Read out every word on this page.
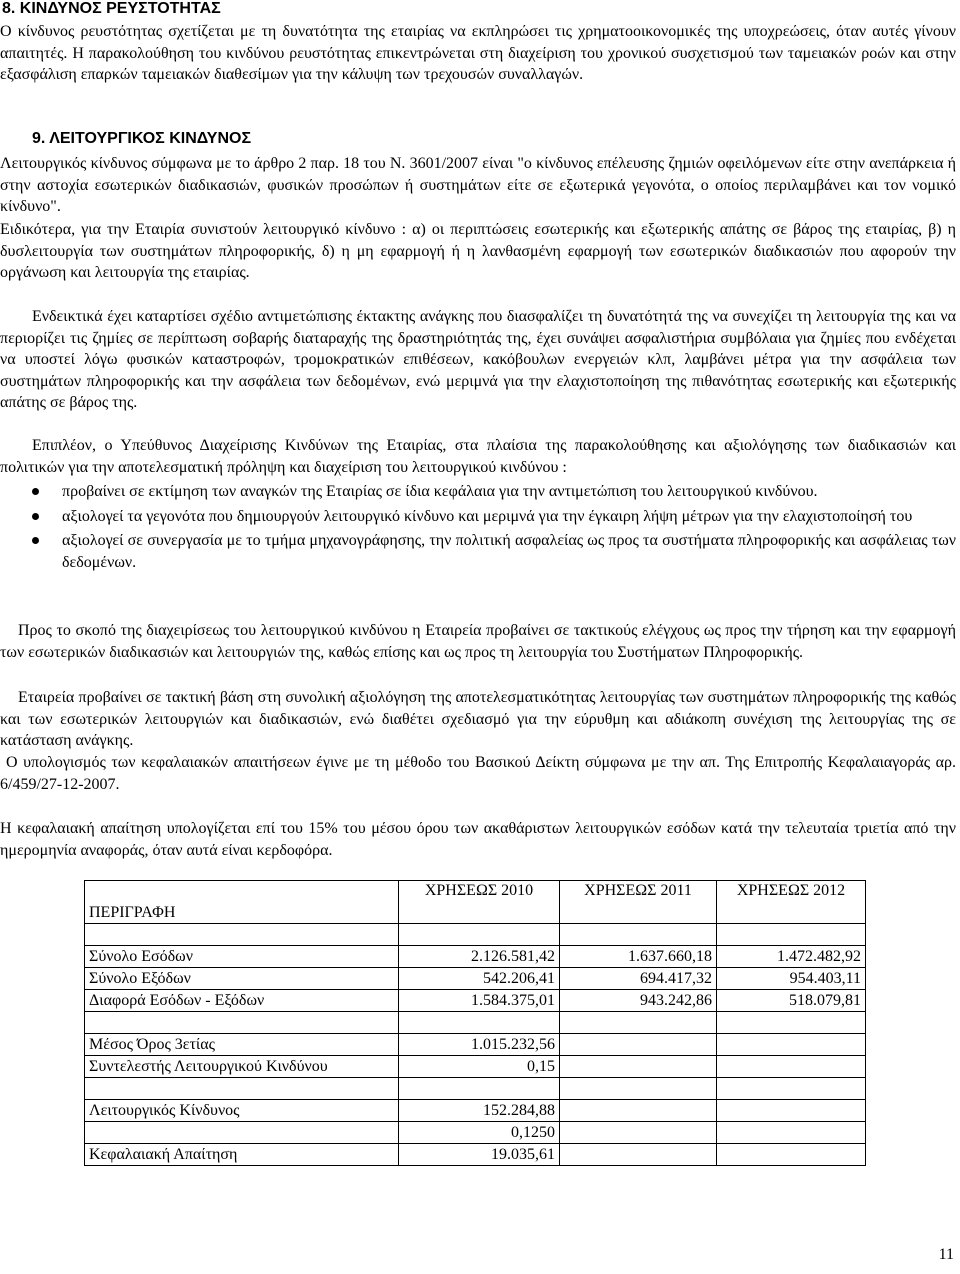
8. ΚΙΝΔΥΝΟΣ ΡΕΥΣΤΟΤΗΤΑΣ
Ο κίνδυνος ρευστότητας σχετίζεται με τη δυνατότητα της εταιρίας να εκπληρώσει τις χρηματοοικονομικές της υποχρεώσεις, όταν αυτές γίνουν απαιτητές. Η παρακολούθηση του κινδύνου ρευστότητας επικεντρώνεται στη διαχείριση του χρονικού συσχετισμού των ταμειακών ροών και στην εξασφάλιση επαρκών ταμειακών διαθεσίμων για την κάλυψη των τρεχουσών συναλλαγών.
9. ΛΕΙΤΟΥΡΓΙΚΟΣ ΚΙΝΔΥΝΟΣ
Λειτουργικός κίνδυνος σύμφωνα με το άρθρο 2 παρ. 18 του Ν. 3601/2007 είναι "ο κίνδυνος επέλευσης ζημιών οφειλόμενων είτε στην ανεπάρκεια ή στην αστοχία εσωτερικών διαδικασιών, φυσικών προσώπων ή συστημάτων είτε σε εξωτερικά γεγονότα, ο οποίος περιλαμβάνει και τον νομικό κίνδυνο".
Ειδικότερα, για την Εταιρία συνιστούν λειτουργικό κίνδυνο : α) οι περιπτώσεις εσωτερικής και εξωτερικής απάτης σε βάρος της εταιρίας, β) η δυσλειτουργία των συστημάτων πληροφορικής, δ) η μη εφαρμογή ή η λανθασμένη εφαρμογή των εσωτερικών διαδικασιών που αφορούν την οργάνωση και λειτουργία της εταιρίας.
Ενδεικτικά έχει καταρτίσει σχέδιο αντιμετώπισης έκτακτης ανάγκης που διασφαλίζει τη δυνατότητά της να συνεχίζει τη λειτουργία της και να περιορίζει τις ζημίες σε περίπτωση σοβαρής διαταραχής της δραστηριότητάς της, έχει συνάψει ασφαλιστήρια συμβόλαια για ζημίες που ενδέχεται να υποστεί λόγω φυσικών καταστροφών, τρομοκρατικών επιθέσεων, κακόβουλων ενεργειών κλπ, λαμβάνει μέτρα για την ασφάλεια των συστημάτων πληροφορικής και την ασφάλεια των δεδομένων, ενώ μεριμνά για την ελαχιστοποίηση της πιθανότητας εσωτερικής και εξωτερικής απάτης σε βάρος της.
Επιπλέον, ο Υπεύθυνος Διαχείρισης Κινδύνων της Εταιρίας, στα πλαίσια της παρακολούθησης και αξιολόγησης των διαδικασιών και πολιτικών για την αποτελεσματική πρόληψη και διαχείριση του λειτουργικού κινδύνου :
προβαίνει σε εκτίμηση των αναγκών της Εταιρίας σε ίδια κεφάλαια για την αντιμετώπιση του λειτουργικού κινδύνου.
αξιολογεί τα γεγονότα που δημιουργούν λειτουργικό κίνδυνο και μεριμνά για την έγκαιρη λήψη μέτρων για την ελαχιστοποίησή του
αξιολογεί σε συνεργασία με το τμήμα μηχανογράφησης, την πολιτική ασφαλείας ως προς τα συστήματα πληροφορικής και ασφάλειας των δεδομένων.
Προς το σκοπό της διαχειρίσεως του λειτουργικού κινδύνου η Εταιρεία προβαίνει σε τακτικούς ελέγχους ως προς την τήρηση και την εφαρμογή των εσωτερικών διαδικασιών και λειτουργιών της, καθώς επίσης και ως προς τη λειτουργία του Συστήματων Πληροφορικής.
Εταιρεία προβαίνει σε τακτική βάση στη συνολική αξιολόγηση της αποτελεσματικότητας λειτουργίας των συστημάτων πληροφορικής της καθώς και των εσωτερικών λειτουργιών και διαδικασιών, ενώ διαθέτει σχεδιασμό για την εύρυθμη και αδιάκοπη συνέχιση της λειτουργίας της σε κατάσταση ανάγκης.
Ο υπολογισμός των κεφαλαιακών απαιτήσεων έγινε με τη μέθοδο του Βασικού Δείκτη σύμφωνα με την απ. Της Επιτροπής Κεφαλαιαγοράς αρ. 6/459/27-12-2007.
Η κεφαλαιακή απαίτηση υπολογίζεται επί του 15% του μέσου όρου των ακαθάριστων λειτουργικών εσόδων κατά την τελευταία τριετία από την ημερομηνία αναφοράς, όταν αυτά είναι κερδοφόρα.
ΠΕΡΙΓΡΑΦΗ	ΧΡΗΣΕΩΣ 2010	ΧΡΗΣΕΩΣ 2011	ΧΡΗΣΕΩΣ 2012

Σύνολο Εσόδων	2.126.581,42	1.637.660,18	1.472.482,92
Σύνολο Εξόδων	542.206,41	694.417,32	954.403,11
Διαφορά Εσόδων - Εξόδων	1.584.375,01	943.242,86	518.079,81

Μέσος Όρος 3ετίας	1.015.232,56		
Συντελεστής Λειτουργικού Κινδύνου	0,15		

Λειτουργικός Κίνδυνος	152.284,88		
	0,1250		
Κεφαλαιακή Απαίτηση	19.035,61		
11
